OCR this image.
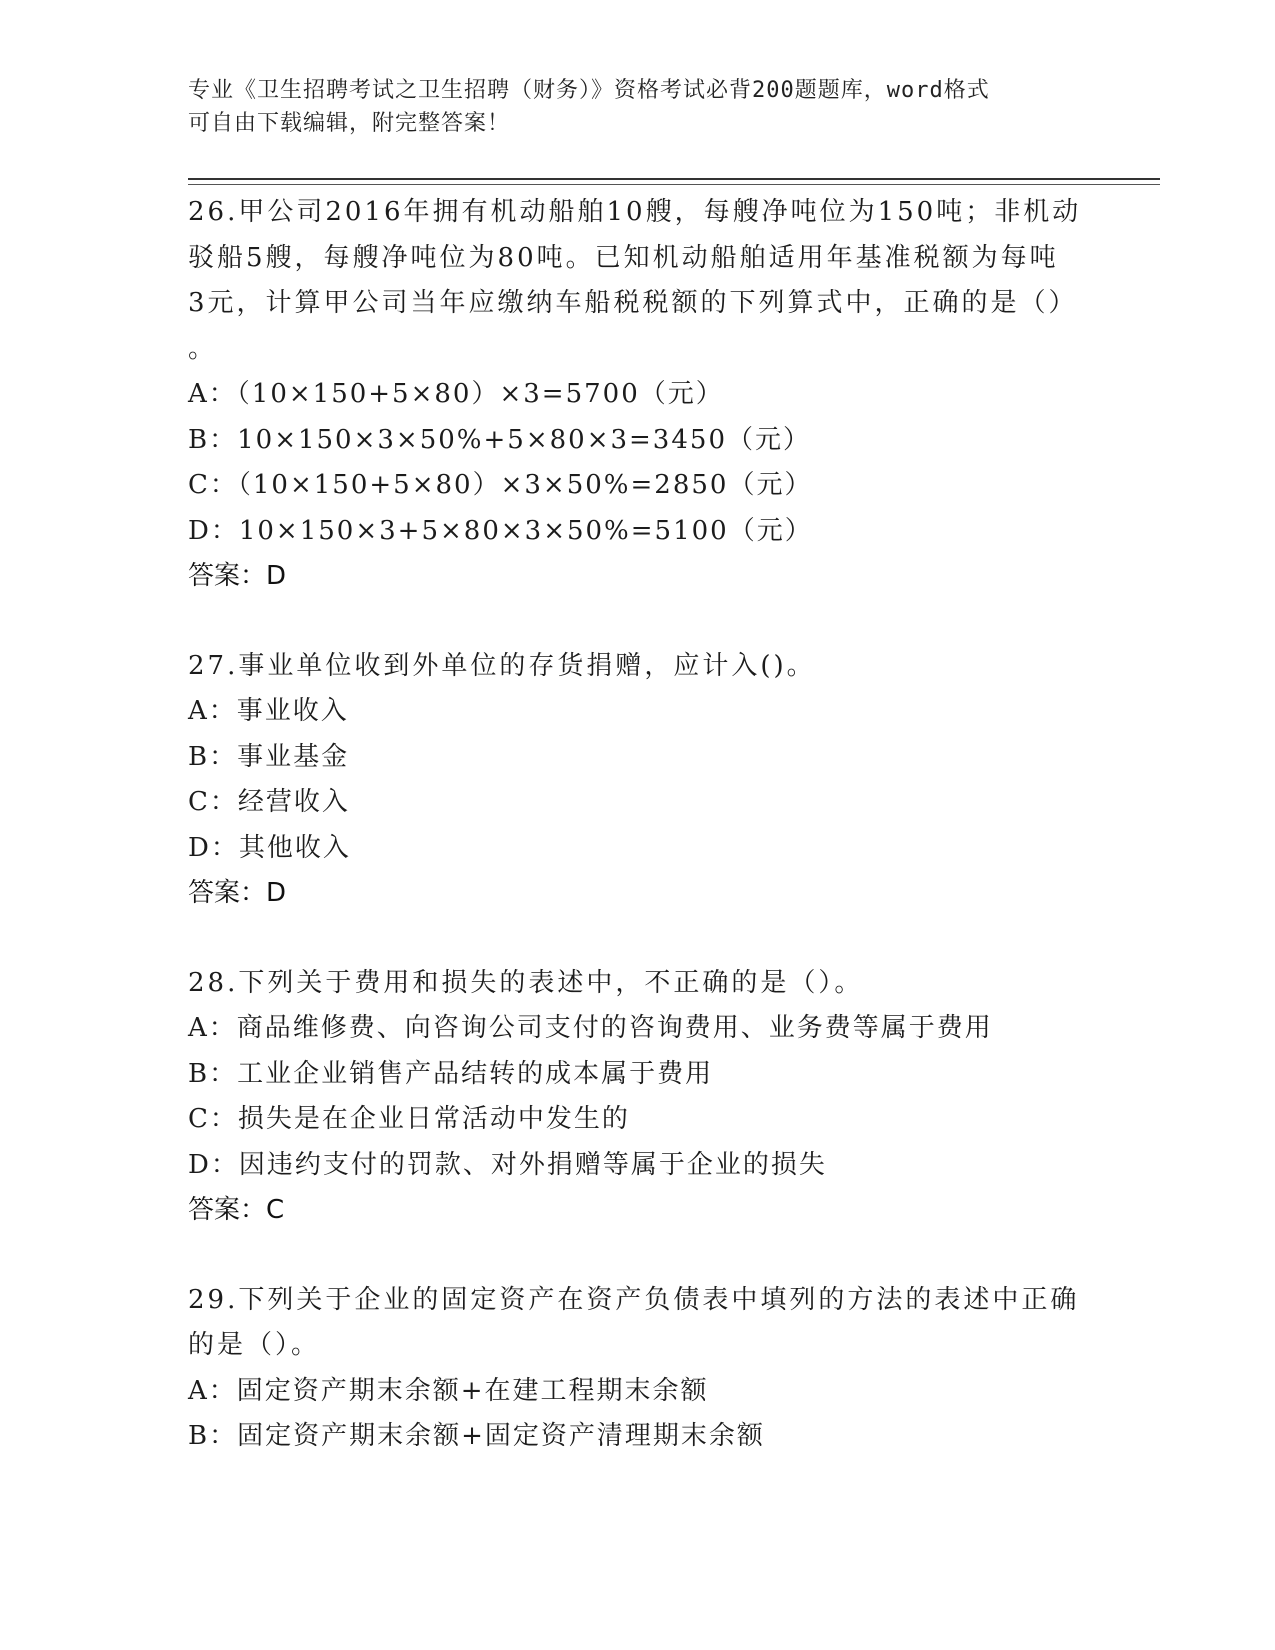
专业《卫生招聘考试之卫生招聘（财务）》资格考试必背200题题库，word格式
可自由下载编辑，附完整答案！
26.甲公司2016年拥有机动船舶10艘，每艘净吨位为150吨；非机动
驳船5艘，每艘净吨位为80吨。已知机动船舶适用年基准税额为每吨
3元，计算甲公司当年应缴纳车船税税额的下列算式中，正确的是（）
。
A：（10×150+5×80）×3=5700（元）
B：10×150×3×50%+5×80×3=3450（元）
C：（10×150+5×80）×3×50%=2850（元）
D：10×150×3+5×80×3×50%=5100（元）
答案：D
27.事业单位收到外单位的存货捐赠，应计入()。
A：事业收入
B：事业基金
C：经营收入
D：其他收入
答案：D
28.下列关于费用和损失的表述中，不正确的是（）。
A：商品维修费、向咨询公司支付的咨询费用、业务费等属于费用
B：工业企业销售产品结转的成本属于费用
C：损失是在企业日常活动中发生的
D：因违约支付的罚款、对外捐赠等属于企业的损失
答案：C
29.下列关于企业的固定资产在资产负债表中填列的方法的表述中正确
的是（）。
A：固定资产期末余额+在建工程期末余额
B：固定资产期末余额+固定资产清理期末余额
